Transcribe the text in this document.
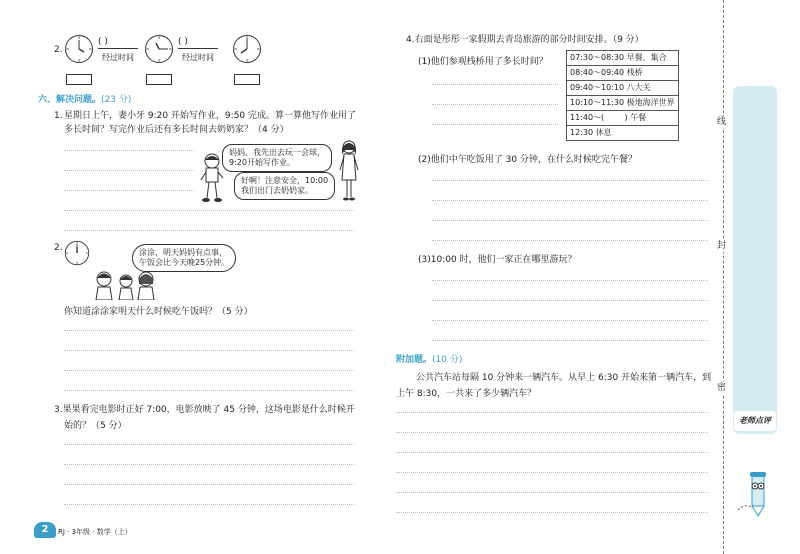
2.
( )
经过时间
( )
经过时间
六、解决问题。(23 分)
1. 星期日上午，妻小牙 9:20 开始写作业，9:50 完成。算一算他写作业用了
多长时间？写完作业后还有多长时间去奶奶家？（4 分）
妈妈，我先出去玩一会球，
9:20开始写作业。
好啊！注意安全，10:00
我们出门去奶奶家。
2.	涂涂，明天妈妈有点事，
午饭会比今天晚25分钟。
你知道涂涂家明天什么时候吃午饭吗？（5 分）
3.果果看完电影时正好 7:00，电影放映了 45 分钟，这场电影是什么时候开
始的？（5 分）
2	RJ · 3年级 · 数学（上）
4.右面是彤彤一家假期去青岛旅游的部分时间安排。（9 分）
(1)他们参观栈桥用了多长时间？	07:30～08:30 早餐、集合
08:40～09:40 栈桥
09:40～10:10 八大关
10:10～11:30 极地海洋世界
11:40～(        ) 午餐
12:30 休息
(2)他们中午吃饭用了 30 分钟，在什么时候吃完午餐？
(3)10:00 时，他们一家正在哪里游玩？
附加题。(10 分)
公共汽车站每隔 10 分钟来一辆汽车。从早上 6:30 开始来第一辆汽车，到
上午 8:30，一共来了多少辆汽车？
线
封
密
老师点评
